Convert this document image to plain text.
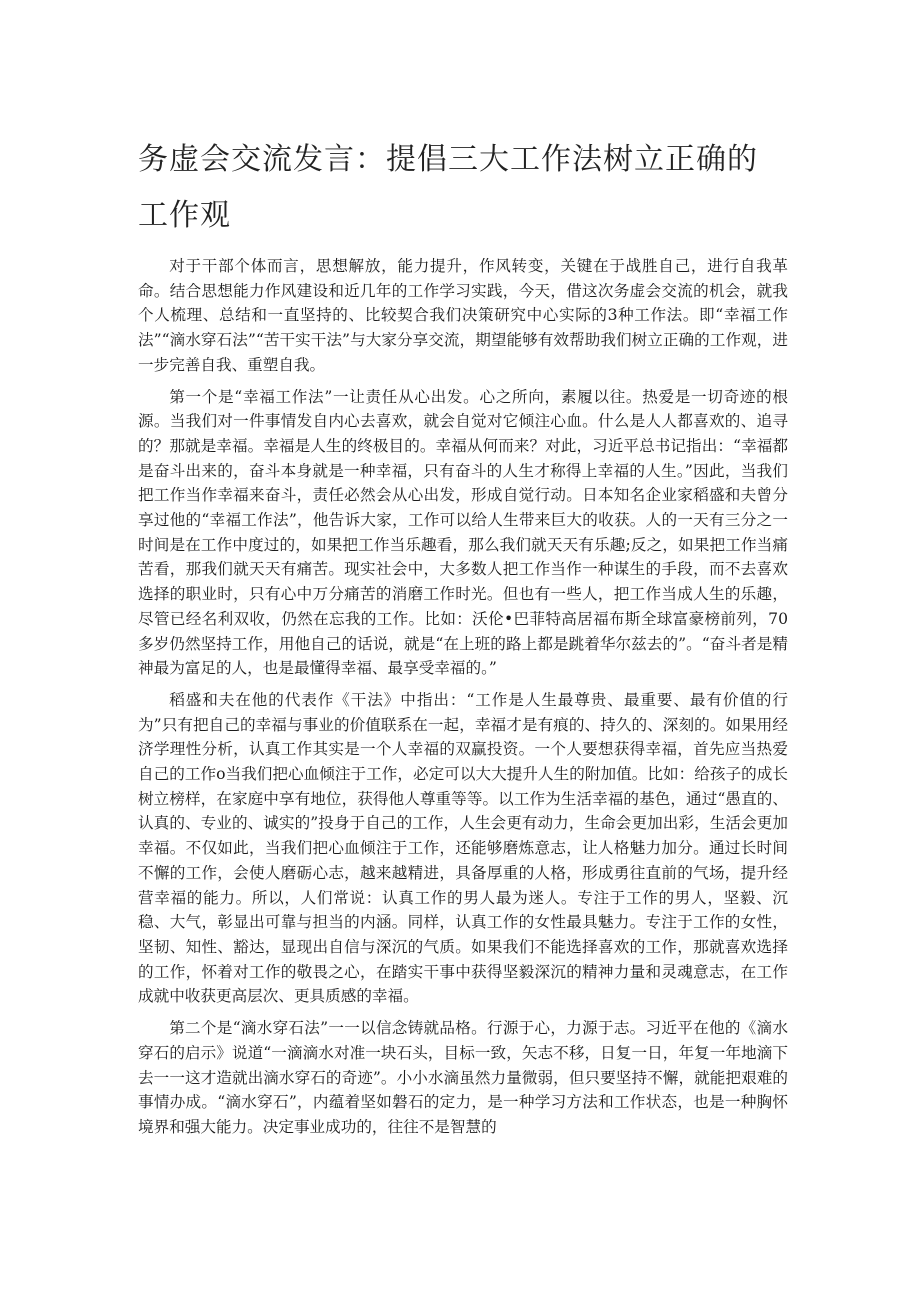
务虚会交流发言：提倡三大工作法树立正确的工作观

对于干部个体而言，思想解放，能力提升，作风转变，关键在于战胜自己，进行自我革命。结合思想能力作风建设和近几年的工作学习实践，今天，借这次务虚会交流的机会，就我个人梳理、总结和一直坚持的、比较契合我们决策研究中心实际的3种工作法。即“幸福工作法”“滴水穿石法”“苦干实干法”与大家分享交流，期望能够有效帮助我们树立正确的工作观，进一步完善自我、重塑自我。

第一个是“幸福工作法”一让责任从心出发。心之所向，素履以往。热爱是一切奇迹的根源。当我们对一件事情发自内心去喜欢，就会自觉对它倾注心血。什么是人人都喜欢的、追寻的？那就是幸福。幸福是人生的终极目的。幸福从何而来？对此，习近平总书记指出：“幸福都是奋斗出来的，奋斗本身就是一种幸福，只有奋斗的人生才称得上幸福的人生。”因此，当我们把工作当作幸福来奋斗，责任必然会从心出发，形成自觉行动。日本知名企业家稻盛和夫曾分享过他的“幸福工作法”，他告诉大家，工作可以给人生带来巨大的收获。人的一天有三分之一时间是在工作中度过的，如果把工作当乐趣看，那么我们就天天有乐趣;反之，如果把工作当痛苦看，那我们就天天有痛苦。现实社会中，大多数人把工作当作一种谋生的手段，而不去喜欢选择的职业时，只有心中万分痛苦的消磨工作时光。但也有一些人，把工作当成人生的乐趣，尽管已经名利双收，仍然在忘我的工作。比如：沃伦•巴菲特高居福布斯全球富豪榜前列，70多岁仍然坚持工作，用他自己的话说，就是“在上班的路上都是跳着华尔兹去的”。“奋斗者是精神最为富足的人，也是最懂得幸福、最享受幸福的。”

稻盛和夫在他的代表作《干法》中指出：“工作是人生最尊贵、最重要、最有价值的行为”只有把自己的幸福与事业的价值联系在一起，幸福才是有痕的、持久的、深刻的。如果用经济学理性分析，认真工作其实是一个人幸福的双赢投资。一个人要想获得幸福，首先应当热爱自己的工作o当我们把心血倾注于工作，必定可以大大提升人生的附加值。比如：给孩子的成长树立榜样，在家庭中享有地位，获得他人尊重等等。以工作为生活幸福的基色，通过“愚直的、认真的、专业的、诚实的”投身于自己的工作，人生会更有动力，生命会更加出彩，生活会更加幸福。不仅如此，当我们把心血倾注于工作，还能够磨炼意志，让人格魅力加分。通过长时间不懈的工作，会使人磨砺心志，越来越精进，具备厚重的人格，形成勇往直前的气场，提升经营幸福的能力。所以，人们常说：认真工作的男人最为迷人。专注于工作的男人，坚毅、沉稳、大气，彰显出可靠与担当的内涵。同样，认真工作的女性最具魅力。专注于工作的女性，坚韧、知性、豁达，显现出自信与深沉的气质。如果我们不能选择喜欢的工作，那就喜欢选择的工作，怀着对工作的敬畏之心，在踏实干事中获得坚毅深沉的精神力量和灵魂意志，在工作成就中收获更高层次、更具质感的幸福。

第二个是“滴水穿石法”一一以信念铸就品格。行源于心，力源于志。习近平在他的《滴水穿石的启示》说道“一滴滴水对准一块石头，目标一致，矢志不移，日复一日，年复一年地滴下去一一这才造就出滴水穿石的奇迹”。小小水滴虽然力量微弱，但只要坚持不懈，就能把艰难的事情办成。“滴水穿石”，内蕴着坚如磐石的定力，是一种学习方法和工作状态，也是一种胸怀境界和强大能力。决定事业成功的，往往不是智慧的
